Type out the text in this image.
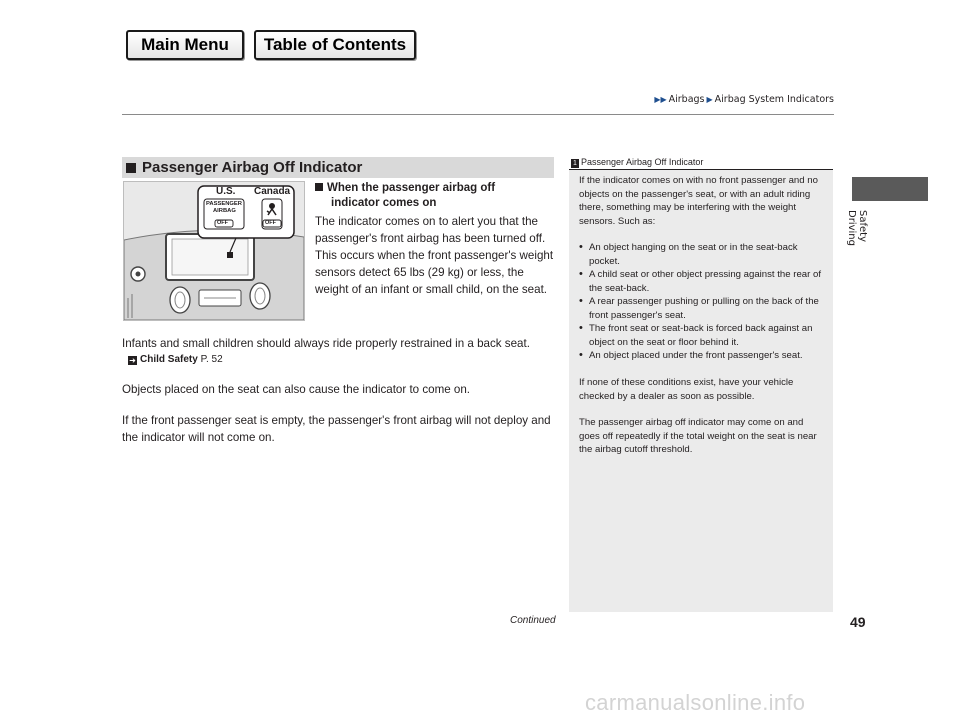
Main Menu	Table of Contents
▶▶ Airbags ▶ Airbag System Indicators
Safety Driving
Passenger Airbag Off Indicator
U.S. Canada
PASSENGER
AIRBAG
OFF	OFF
When the passenger airbag off
indicator comes on
The indicator comes on to alert you that the passenger's front airbag has been turned off. This occurs when the front passenger's weight sensors detect 65 lbs (29 kg) or less, the weight of an infant or small child, on the seat.
Infants and small children should always ride properly restrained in a back seat.
➜ Child Safety P. 52
Objects placed on the seat can also cause the indicator to come on.
If the front passenger seat is empty, the passenger's front airbag will not deploy and the indicator will not come on.
1 Passenger Airbag Off Indicator
If the indicator comes on with no front passenger and no objects on the passenger's seat, or with an adult riding there, something may be interfering with the weight sensors. Such as:
• An object hanging on the seat or in the seat-back pocket.
• A child seat or other object pressing against the rear of the seat-back.
• A rear passenger pushing or pulling on the back of the front passenger's seat.
• The front seat or seat-back is forced back against an object on the seat or floor behind it.
• An object placed under the front passenger's seat.
If none of these conditions exist, have your vehicle checked by a dealer as soon as possible.
The passenger airbag off indicator may come on and goes off repeatedly if the total weight on the seat is near the airbag cutoff threshold.
Continued	49
carmanualsonline.info
